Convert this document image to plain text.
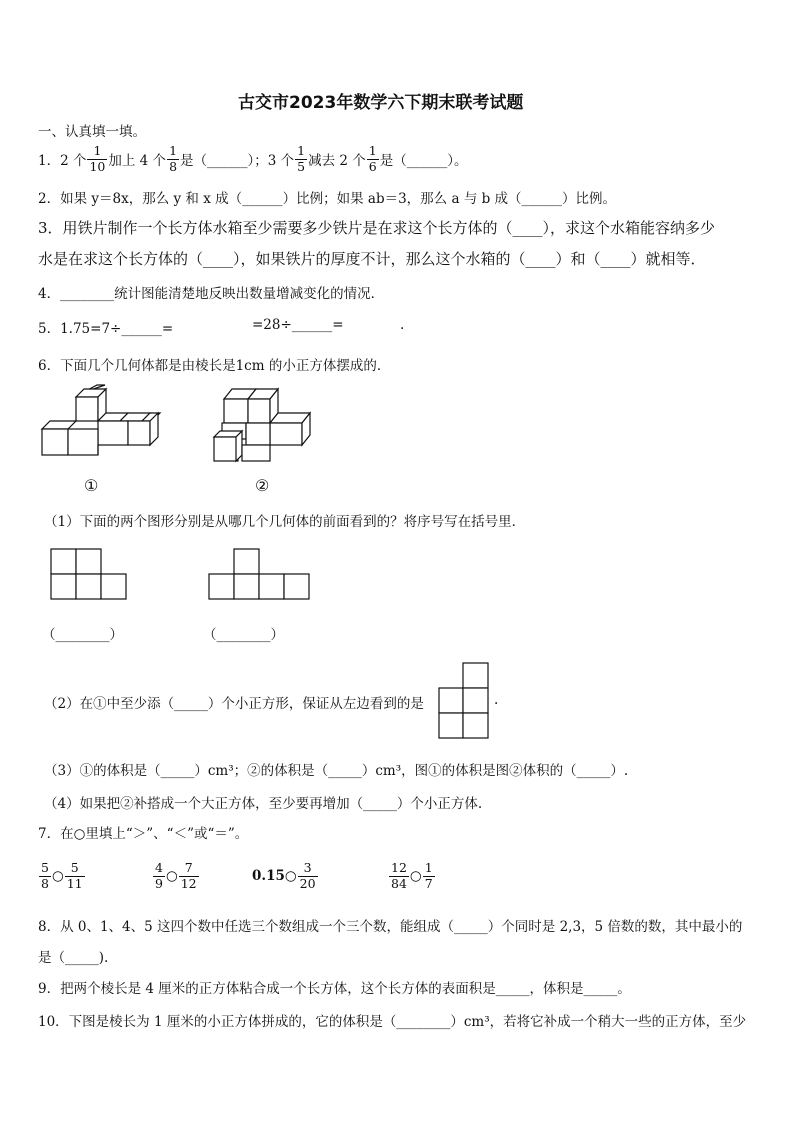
古交市2023年数学六下期末联考试题
一、认真填一填。
1． 2 个 $\frac{1}{10}$ 加上 4 个 $\frac{1}{8}$ 是（______）；3 个 $\frac{1}{5}$ 减去 2 个 $\frac{1}{6}$ 是（______）。
2．如果 y＝8x，那么 y 和 x 成（______）比例；如果 ab＝3，那么 a 与 b 成（______）比例。
3．用铁片制作一个长方体水箱至少需要多少铁片是在求这个长方体的（____），求这个水箱能容纳多少
水是在求这个长方体的（____），如果铁片的厚度不计，那么这个水箱的（____）和（____）就相等．
4．________统计图能清楚地反映出数量增减变化的情况．
5．1.75=7÷______=	=28÷______=	.
6．下面几个几何体都是由棱长是1cm 的小正方体摆成的．
①	②
（1）下面的两个图形分别是从哪几个几何体的前面看到的？将序号写在括号里．
（________）	（________）
（2）在①中至少添（_____）个小正方形，保证从左边看到的是	.
（3）①的体积是（_____）cm³；②的体积是（_____）cm³，图①的体积是图②体积的（_____）.
（4）如果把②补搭成一个大正方体，至少要再增加（_____）个小正方体.
7．在○里填上“＞”、“＜”或“＝”。
$\frac{5}{8}$ ○ $\frac{5}{11}$	$\frac{4}{9}$ ○ $\frac{7}{12}$	0.15 ○ $\frac{3}{20}$	$\frac{12}{84}$ ○ $\frac{1}{7}$
8．从 0、1、4、5 这四个数中任选三个数组成一个三个数，能组成（_____）个同时是 2,3，5 倍数的数，其中最小的
是（_____).
9．把两个棱长是 4 厘米的正方体粘合成一个长方体，这个长方体的表面积是_____，体积是_____。
10．下图是棱长为 1 厘米的小正方体拼成的，它的体积是（________）cm³，若将它补成一个稍大一些的正方体，至少
